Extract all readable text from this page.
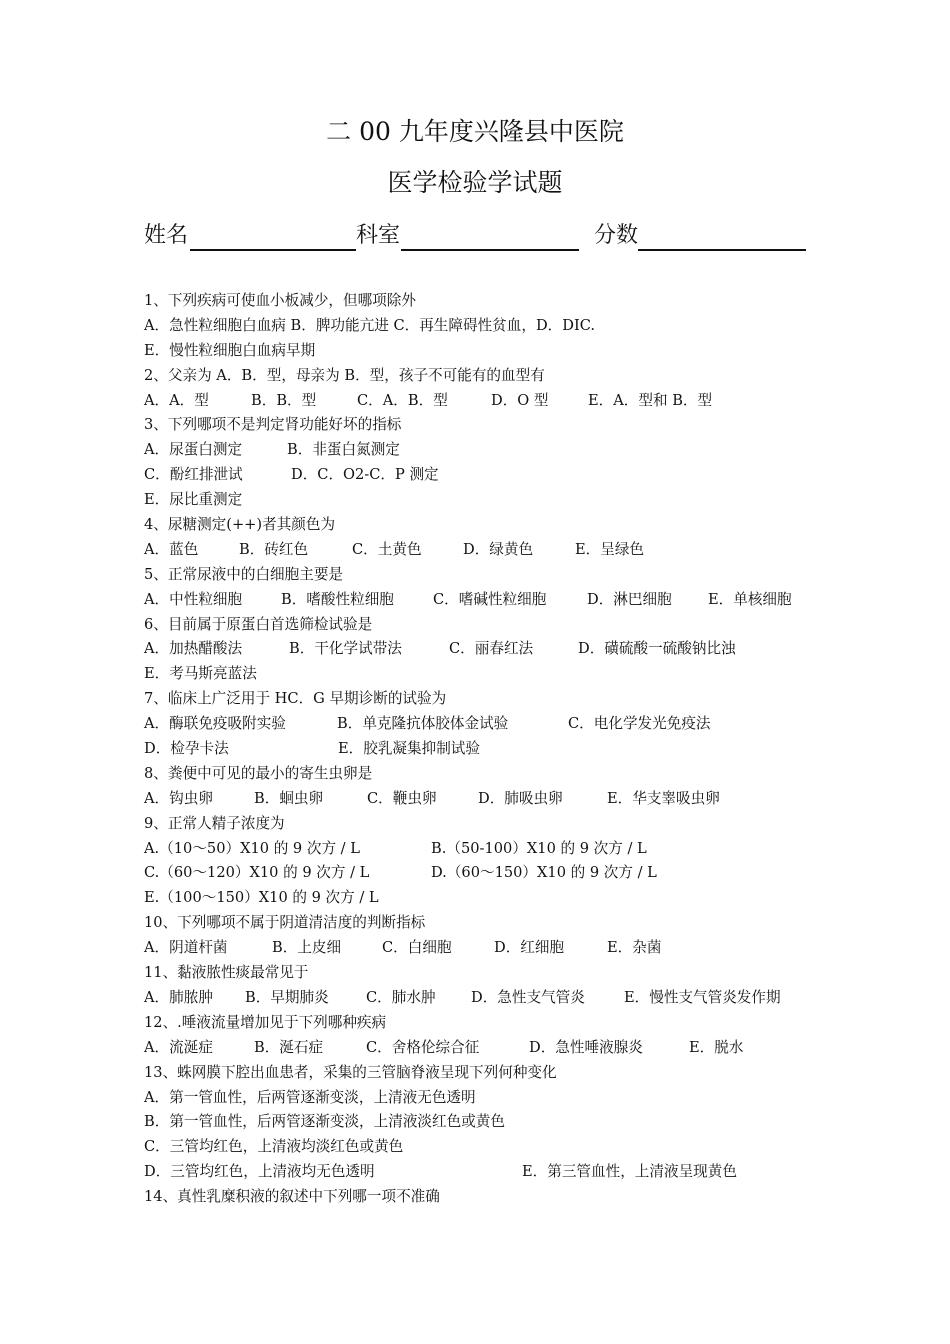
二 00 九年度兴隆县中医院
医学检验学试题
姓名	科室	分数
1、下列疾病可使血小板减少，但哪项除外
A．急性粒细胞白血病 B．脾功能亢进 C．再生障碍性贫血，D．DIC.
E．慢性粒细胞白血病早期
2、父亲为 A．B．型，母亲为 B．型，孩子不可能有的血型有
A．A．型	B．B．型	C．A．B．型	D．O 型	E．A．型和 B．型
3、下列哪项不是判定肾功能好坏的指标
A．尿蛋白测定	B．非蛋白氮测定
C．酚红排泄试	D．C．O2-C．P 测定
E．尿比重测定
4、尿糖测定(++)者其颜色为
A．蓝色	B．砖红色	C．土黄色	D．绿黄色	E．呈绿色
5、正常尿液中的白细胞主要是
A．中性粒细胞	B．嗜酸性粒细胞	C．嗜碱性粒细胞	D．淋巴细胞 E．单核细胞
6、目前属于原蛋白首选筛检试验是
A．加热醋酸法	B．干化学试带法	C．丽春红法	D．磺硫酸一硫酸钠比浊
E．考马斯亮蓝法
7、临床上广泛用于 HC．G 早期诊断的试验为
A．酶联免疫吸附实验	B．单克隆抗体胶体金试验	C．电化学发光免疫法
D．检孕卡法	E．胶乳凝集抑制试验
8、粪便中可见的最小的寄生虫卵是
A．钩虫卵	B．蛔虫卵	C．鞭虫卵	D．肺吸虫卵	E．华支睾吸虫卵
9、正常人精子浓度为
A.（10～50）X10 的 9 次方 / L	B.（50-100）X10 的 9 次方 / L
C.（60～120）X10 的 9 次方 / L	D.（60～150）X10 的 9 次方 / L
E.（100～150）X10 的 9 次方 / L
10、下列哪项不属于阴道清洁度的判断指标
A．阴道杆菌	B．上皮细	C．白细胞	D．红细胞	E．杂菌
11、黏液脓性痰最常见于
A．肺脓肿 B．早期肺炎	C．肺水肿 D．急性支气管炎	E．慢性支气管炎发作期
12、.唾液流量增加见于下列哪种疾病
A．流涎症	B．涎石症	C．舍格伦综合征	D．急性唾液腺炎	E．脱水
13、蛛网膜下腔出血患者，采集的三管脑脊液呈现下列何种变化
A．第一管血性，后两管逐渐变淡，上清液无色透明
B．第一管血性，后两管逐渐变淡，上清液淡红色或黄色
C．三管均红色，上清液均淡红色或黄色
D．三管均红色，上清液均无色透明	E．第三管血性，上清液呈现黄色
14、真性乳糜积液的叙述中下列哪一项不准确
